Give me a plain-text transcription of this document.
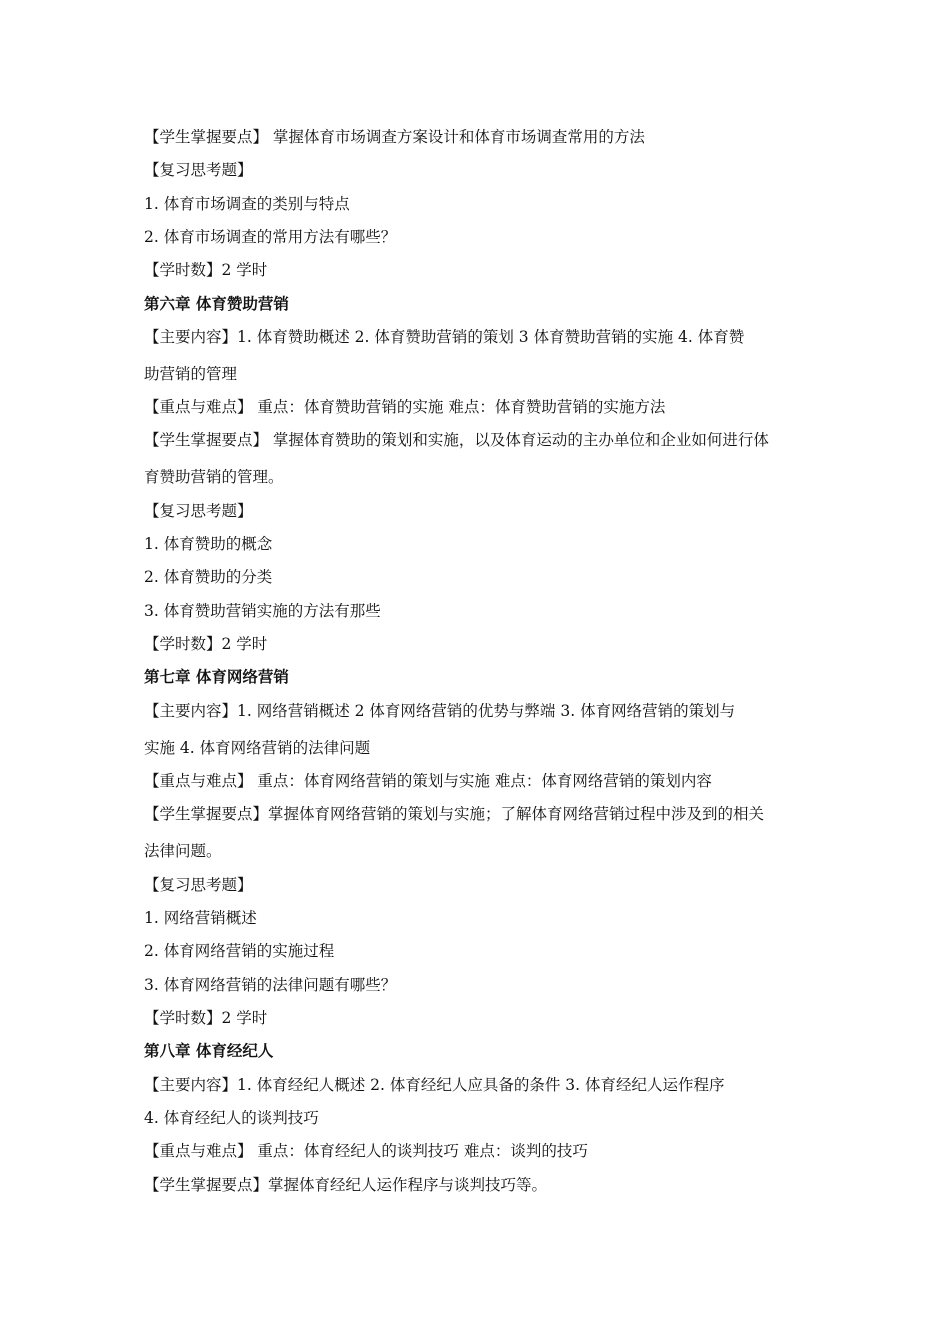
【学生掌握要点】 掌握体育市场调查方案设计和体育市场调查常用的方法
【复习思考题】
1. 体育市场调查的类别与特点
2. 体育市场调查的常用方法有哪些？
【学时数】2 学时
第六章 体育赞助营销
【主要内容】1. 体育赞助概述 2. 体育赞助营销的策划 3 体育赞助营销的实施 4. 体育赞
助营销的管理
【重点与难点】 重点：体育赞助营销的实施 难点：体育赞助营销的实施方法
【学生掌握要点】 掌握体育赞助的策划和实施，以及体育运动的主办单位和企业如何进行体
育赞助营销的管理。
【复习思考题】
1. 体育赞助的概念
2. 体育赞助的分类
3. 体育赞助营销实施的方法有那些
【学时数】2 学时
第七章 体育网络营销
【主要内容】1. 网络营销概述 2 体育网络营销的优势与弊端 3. 体育网络营销的策划与
实施 4. 体育网络营销的法律问题
【重点与难点】 重点：体育网络营销的策划与实施 难点：体育网络营销的策划内容
【学生掌握要点】掌握体育网络营销的策划与实施；了解体育网络营销过程中涉及到的相关
法律问题。
【复习思考题】
1. 网络营销概述
2. 体育网络营销的实施过程
3. 体育网络营销的法律问题有哪些？
【学时数】2 学时
第八章 体育经纪人
【主要内容】1. 体育经纪人概述 2. 体育经纪人应具备的条件 3. 体育经纪人运作程序
4. 体育经纪人的谈判技巧
【重点与难点】 重点：体育经纪人的谈判技巧 难点：谈判的技巧
【学生掌握要点】掌握体育经纪人运作程序与谈判技巧等。
